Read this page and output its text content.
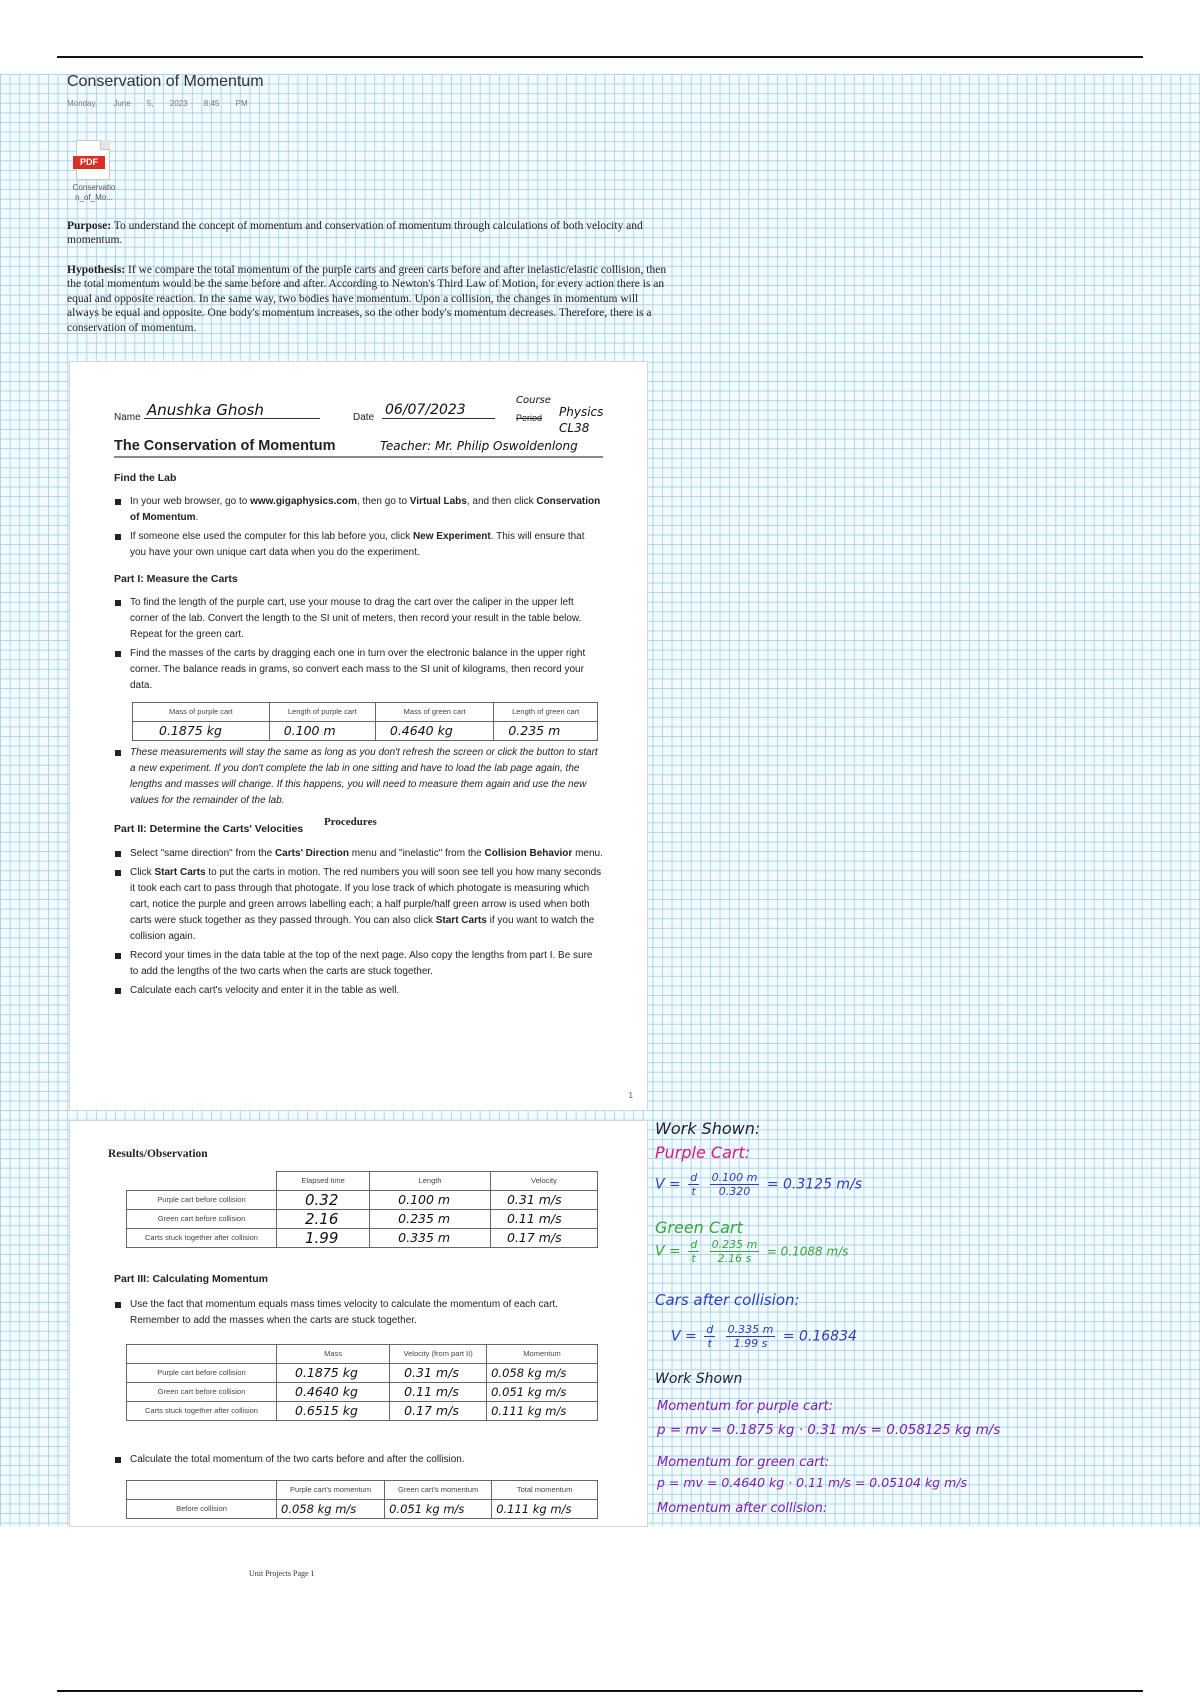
Conservation of Momentum
Monday, June 5, 2023 8:45 PM
PDF
Conservatio n_of_Mo...
Purpose: To understand the concept of momentum and conservation of momentum through calculations of both velocity and momentum.
Hypothesis: If we compare the total momentum of the purple carts and green carts before and after inelastic/elastic collision, then the total momentum would be the same before and after. According to Newton's Third Law of Motion, for every action there is an equal and opposite reaction. In the same way, two bodies have momentum. Upon a collision, the changes in momentum will always be equal and opposite. One body's momentum increases, so the other body's momentum decreases. Therefore, there is a conservation of momentum.
Name Anushka Ghosh	Date 06/07/2023
Course
Period Physics CL38
The Conservation of Momentum	Teacher: Mr. Philip Oswoldenlong
Find the Lab
In your web browser, go to www.gigaphysics.com, then go to Virtual Labs, and then click Conservation of Momentum.
If someone else used the computer for this lab before you, click New Experiment. This will ensure that you have your own unique cart data when you do the experiment.
Part I: Measure the Carts
To find the length of the purple cart, use your mouse to drag the cart over the caliper in the upper left corner of the lab. Convert the length to the SI unit of meters, then record your result in the table below. Repeat for the green cart.
Find the masses of the carts by dragging each one in turn over the electronic balance in the upper right corner. The balance reads in grams, so convert each mass to the SI unit of kilograms, then record your data.
Mass of purple cart	Length of purple cart	Mass of green cart	Length of green cart
0.1875 kg	0.100 m	0.4640 kg	0.235 m
These measurements will stay the same as long as you don't refresh the screen or click the button to start a new experiment. If you don't complete the lab in one sitting and have to load the lab page again, the lengths and masses will change. If this happens, you will need to measure them again and use the new values for the remainder of the lab.
Part II: Determine the Carts' Velocities
Procedures
Select "same direction" from the Carts' Direction menu and "inelastic" from the Collision Behavior menu.
Click Start Carts to put the carts in motion. The red numbers you will soon see tell you how many seconds it took each cart to pass through that photogate. If you lose track of which photogate is measuring which cart, notice the purple and green arrows labelling each; a half purple/half green arrow is used when both carts were stuck together as they passed through. You can also click Start Carts if you want to watch the collision again.
Record your times in the data table at the top of the next page. Also copy the lengths from part I. Be sure to add the lengths of the two carts when the carts are stuck together.
Calculate each cart's velocity and enter it in the table as well.
1
Results/Observation
	Elapsed time	Length	Velocity
Purple cart before collision	0.32	0.100 m	0.31 m/s
Green cart before collision	2.16	0.235 m	0.11 m/s
Carts stuck together after collision	1.99	0.335 m	0.17 m/s
Part III: Calculating Momentum
Use the fact that momentum equals mass times velocity to calculate the momentum of each cart. Remember to add the masses when the carts are stuck together.
	Mass	Velocity (from part II)	Momentum
Purple cart before collision	0.1875 kg	0.31 m/s	0.058 kg m/s
Green cart before collision	0.4640 kg	0.11 m/s	0.051 kg m/s
Carts stuck together after collision	0.6515 kg	0.17 m/s	0.111 kg m/s
Calculate the total momentum of the two carts before and after the collision.
	Purple cart's momentum	Green cart's momentum	Total momentum
Before collision	0.058 kg m/s	0.051 kg m/s	0.111 kg m/s
Work Shown:
Purple Cart:
$V = \frac{d}{t}$
$\frac{0.100 m}{0.320} = 0.3125$ m/s
Green Cart
$V = \frac{d}{t}$
$\frac{0.235 m}{2.16 s} = 0.1088$ m/s
Cars after collision:
$V = \frac{d}{t}$
$\frac{0.335 m}{1.99 s} = 0.16834$
Work Shown
Momentum for purple cart:
p = mv = 0.1875 kg · 0.31 m/s = 0.058125 kg m/s
Momentum for green cart:
p = mv = 0.4640 kg · 0.11 m/s = 0.05104 kg m/s
Momentum after collision:
Unit Projects Page 1
